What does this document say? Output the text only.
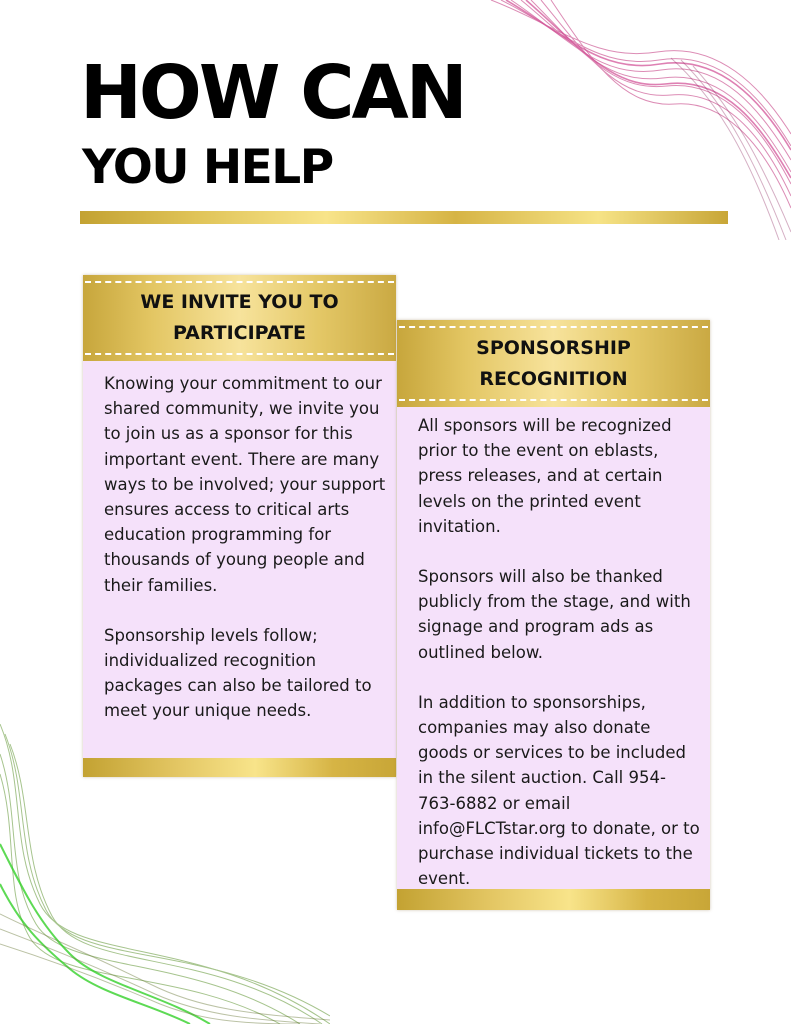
HOW CAN
YOU HELP
WE INVITE YOU TO PARTICIPATE

Knowing your commitment to our shared community, we invite you to join us as a sponsor for this important event. There are many ways to be involved; your support ensures access to critical arts education programming for thousands of young people and their families.

Sponsorship levels follow; individualized recognition packages can also be tailored to meet your unique needs.

SPONSORSHIP RECOGNITION

All sponsors will be recognized prior to the event on eblasts, press releases, and at certain levels on the printed event invitation.

Sponsors will also be thanked publicly from the stage, and with signage and program ads as outlined below.

In addition to sponsorships, companies may also donate goods or services to be included in the silent auction. Call 954-763-6882 or email info@FLCTstar.org to donate, or to purchase individual tickets to the event.
